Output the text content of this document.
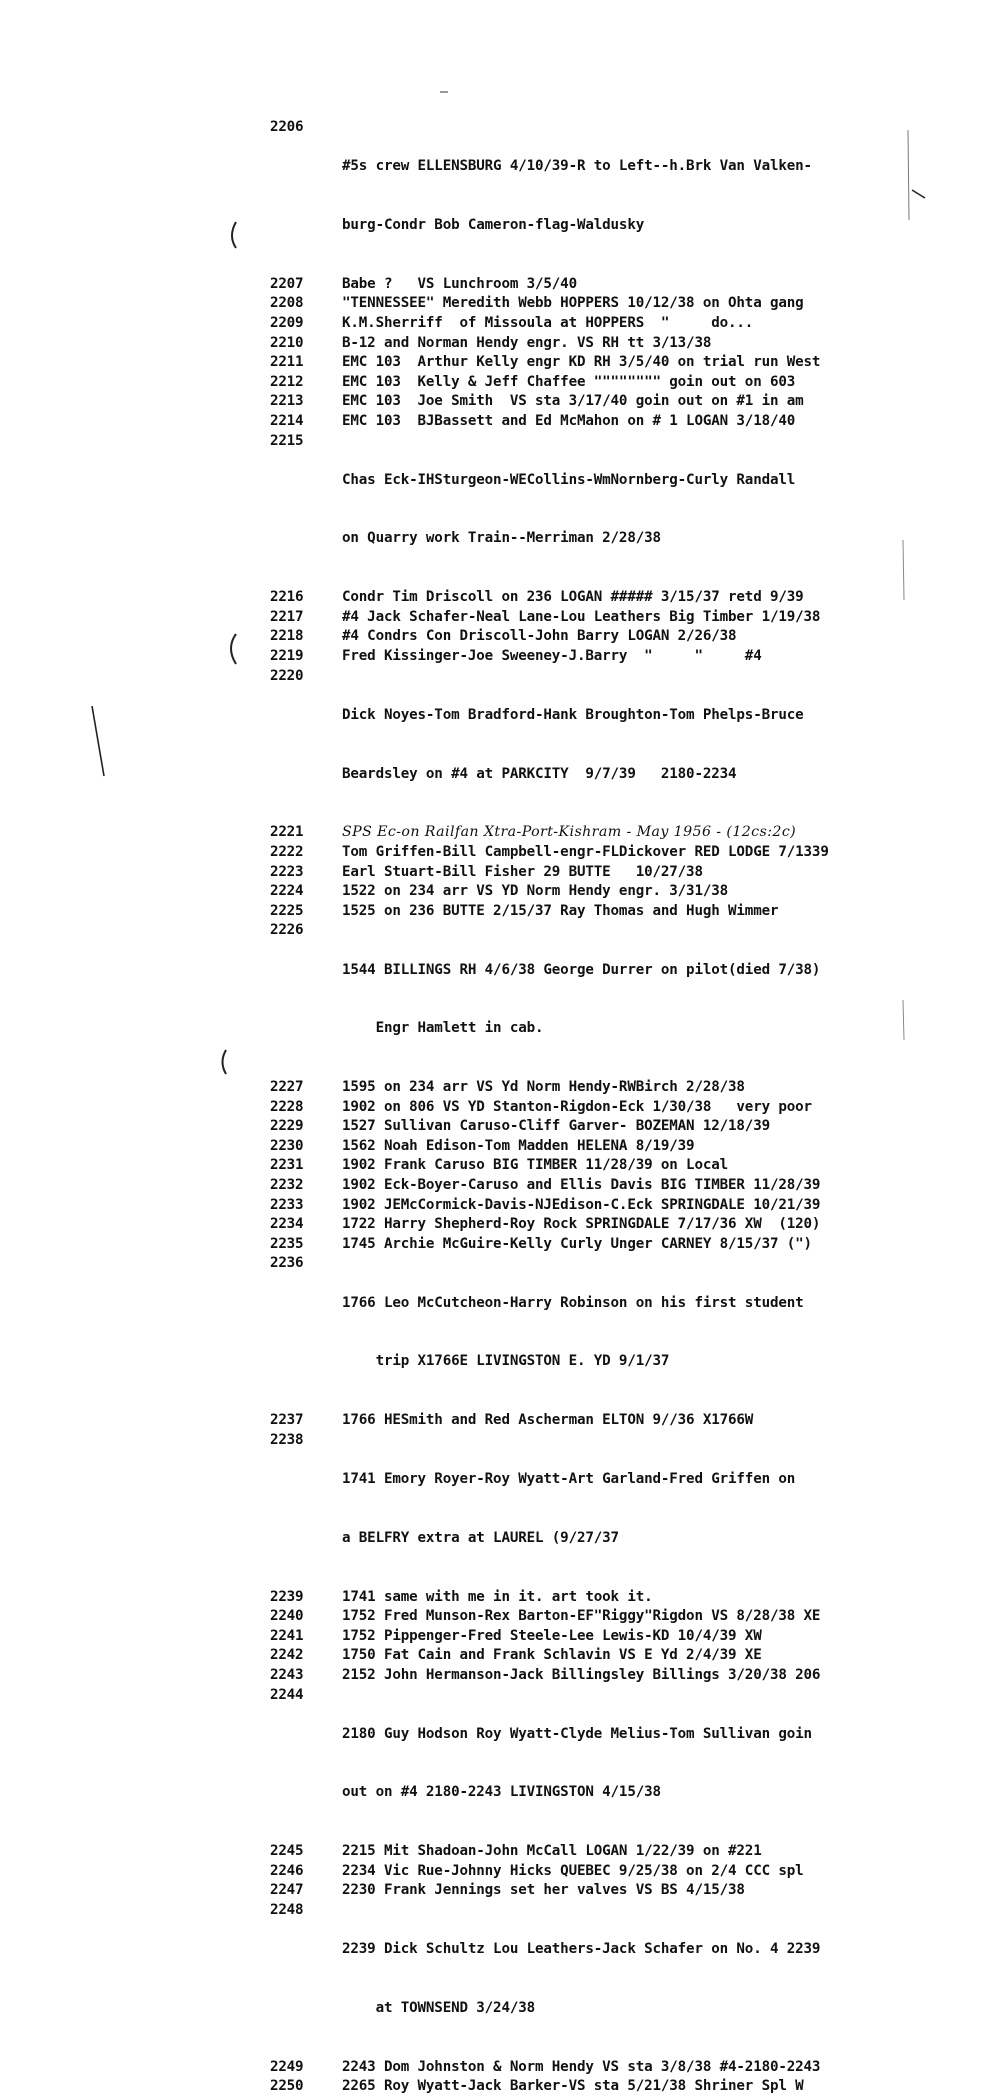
2206

#5s crew ELLENSBURG 4/10/39-R to Left--h.Brk Van Valken-

burg-Condr Bob Cameron-flag-Waldusky

2207	Babe ?   VS Lunchroom 3/5/40
2208	"TENNESSEE" Meredith Webb HOPPERS 10/12/38 on Ohta gang
2209	K.M.Sherriff  of Missoula at HOPPERS  "     do...
2210	B-12 and Norman Hendy engr. VS RH tt 3/13/38
2211	EMC 103  Arthur Kelly engr KD RH 3/5/40 on trial run West
2212	EMC 103  Kelly & Jeff Chaffee """""""" goin out on 603
2213	EMC 103  Joe Smith  VS sta 3/17/40 goin out on #1 in am
2214	EMC 103  BJBassett and Ed McMahon on # 1 LOGAN 3/18/40
2215

Chas Eck-IHSturgeon-WECollins-WmNornberg-Curly Randall

on Quarry work Train--Merriman 2/28/38

2216	Condr Tim Driscoll on 236 LOGAN ##### 3/15/37 retd 9/39
2217	#4 Jack Schafer-Neal Lane-Lou Leathers Big Timber 1/19/38
2218	#4 Condrs Con Driscoll-John Barry LOGAN 2/26/38
2219	Fred Kissinger-Joe Sweeney-J.Barry  "     "     #4
2220

Dick Noyes-Tom Bradford-Hank Broughton-Tom Phelps-Bruce

Beardsley on #4 at PARKCITY  9/7/39   2180-2234

2221	SPS Ec-on Railfan Xtra-Port-Kishram - May 1956 - (12cs:2c)
2222	Tom Griffen-Bill Campbell-engr-FLDickover RED LODGE 7/1339
2223	Earl Stuart-Bill Fisher 29 BUTTE   10/27/38
2224	1522 on 234 arr VS YD Norm Hendy engr. 3/31/38
2225	1525 on 236 BUTTE 2/15/37 Ray Thomas and Hugh Wimmer
2226

1544 BILLINGS RH 4/6/38 George Durrer on pilot(died 7/38)

Engr Hamlett in cab.

2227	1595 on 234 arr VS Yd Norm Hendy-RWBirch 2/28/38
2228	1902 on 806 VS YD Stanton-Rigdon-Eck 1/30/38   very poor
2229	1527 Sullivan Caruso-Cliff Garver- BOZEMAN 12/18/39
2230	1562 Noah Edison-Tom Madden HELENA 8/19/39
2231	1902 Frank Caruso BIG TIMBER 11/28/39 on Local
2232	1902 Eck-Boyer-Caruso and Ellis Davis BIG TIMBER 11/28/39
2233	1902 JEMcCormick-Davis-NJEdison-C.Eck SPRINGDALE 10/21/39
2234	1722 Harry Shepherd-Roy Rock SPRINGDALE 7/17/36 XW  (120)
2235	1745 Archie McGuire-Kelly Curly Unger CARNEY 8/15/37 (")
2236

1766 Leo McCutcheon-Harry Robinson on his first student

trip X1766E LIVINGSTON E. YD 9/1/37

2237	1766 HESmith and Red Ascherman ELTON 9//36 X1766W
2238

1741 Emory Royer-Roy Wyatt-Art Garland-Fred Griffen on

a BELFRY extra at LAUREL (9/27/37

2239	1741 same with me in it. art took it.
2240	1752 Fred Munson-Rex Barton-EF"Riggy"Rigdon VS 8/28/38 XE
2241	1752 Pippenger-Fred Steele-Lee Lewis-KD 10/4/39 XW
2242	1750 Fat Cain and Frank Schlavin VS E Yd 2/4/39 XE
2243	2152 John Hermanson-Jack Billingsley Billings 3/20/38 206
2244

2180 Guy Hodson Roy Wyatt-Clyde Melius-Tom Sullivan goin

out on #4 2180-2243 LIVINGSTON 4/15/38

2245	2215 Mit Shadoan-John McCall LOGAN 1/22/39 on #221
2246	2234 Vic Rue-Johnny Hicks QUEBEC 9/25/38 on 2/4 CCC spl
2247	2230 Frank Jennings set her valves VS BS 4/15/38
2248

2239 Dick Schultz Lou Leathers-Jack Schafer on No. 4 2239

at TOWNSEND 3/24/38

2249	2243 Dom Johnston & Norm Hendy VS sta 3/8/38 #4-2180-2243
2250	2265 Roy Wyatt-Jack Barker-VS sta 5/21/38 Shriner Spl W
